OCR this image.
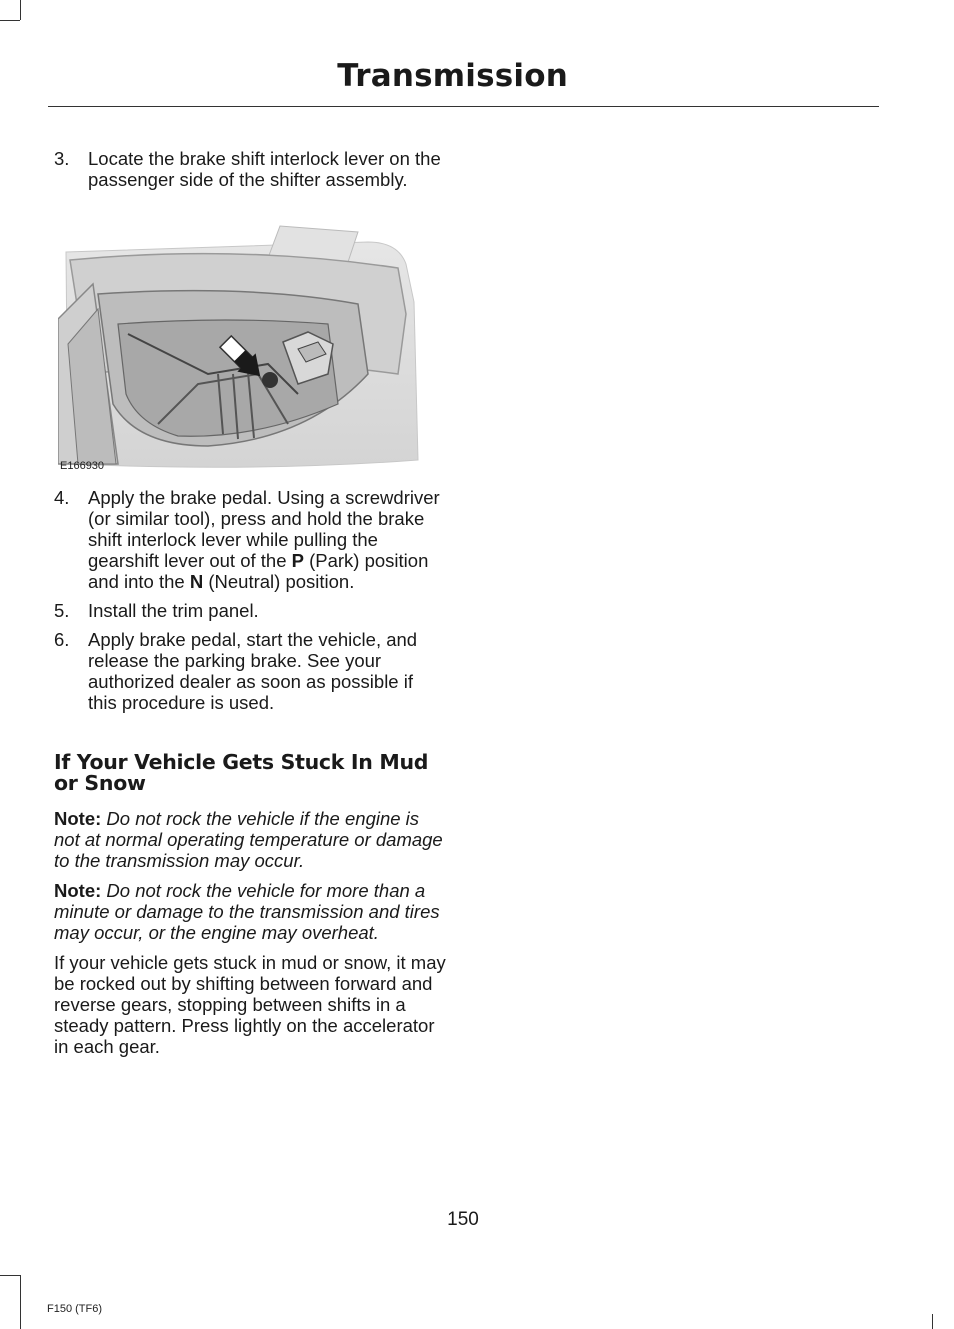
Transmission

3. Locate the brake shift interlock lever on the passenger side of the shifter assembly.

E166930

4. Apply the brake pedal. Using a screwdriver (or similar tool), press and hold the brake shift interlock lever while pulling the gearshift lever out of the P (Park) position and into the N (Neutral) position.

5. Install the trim panel.

6. Apply brake pedal, start the vehicle, and release the parking brake. See your authorized dealer as soon as possible if this procedure is used.

If Your Vehicle Gets Stuck In Mud or Snow

Note: Do not rock the vehicle if the engine is not at normal operating temperature or damage to the transmission may occur.

Note: Do not rock the vehicle for more than a minute or damage to the transmission and tires may occur, or the engine may overheat.

If your vehicle gets stuck in mud or snow, it may be rocked out by shifting between forward and reverse gears, stopping between shifts in a steady pattern. Press lightly on the accelerator in each gear.

150
F150 (TF6)
